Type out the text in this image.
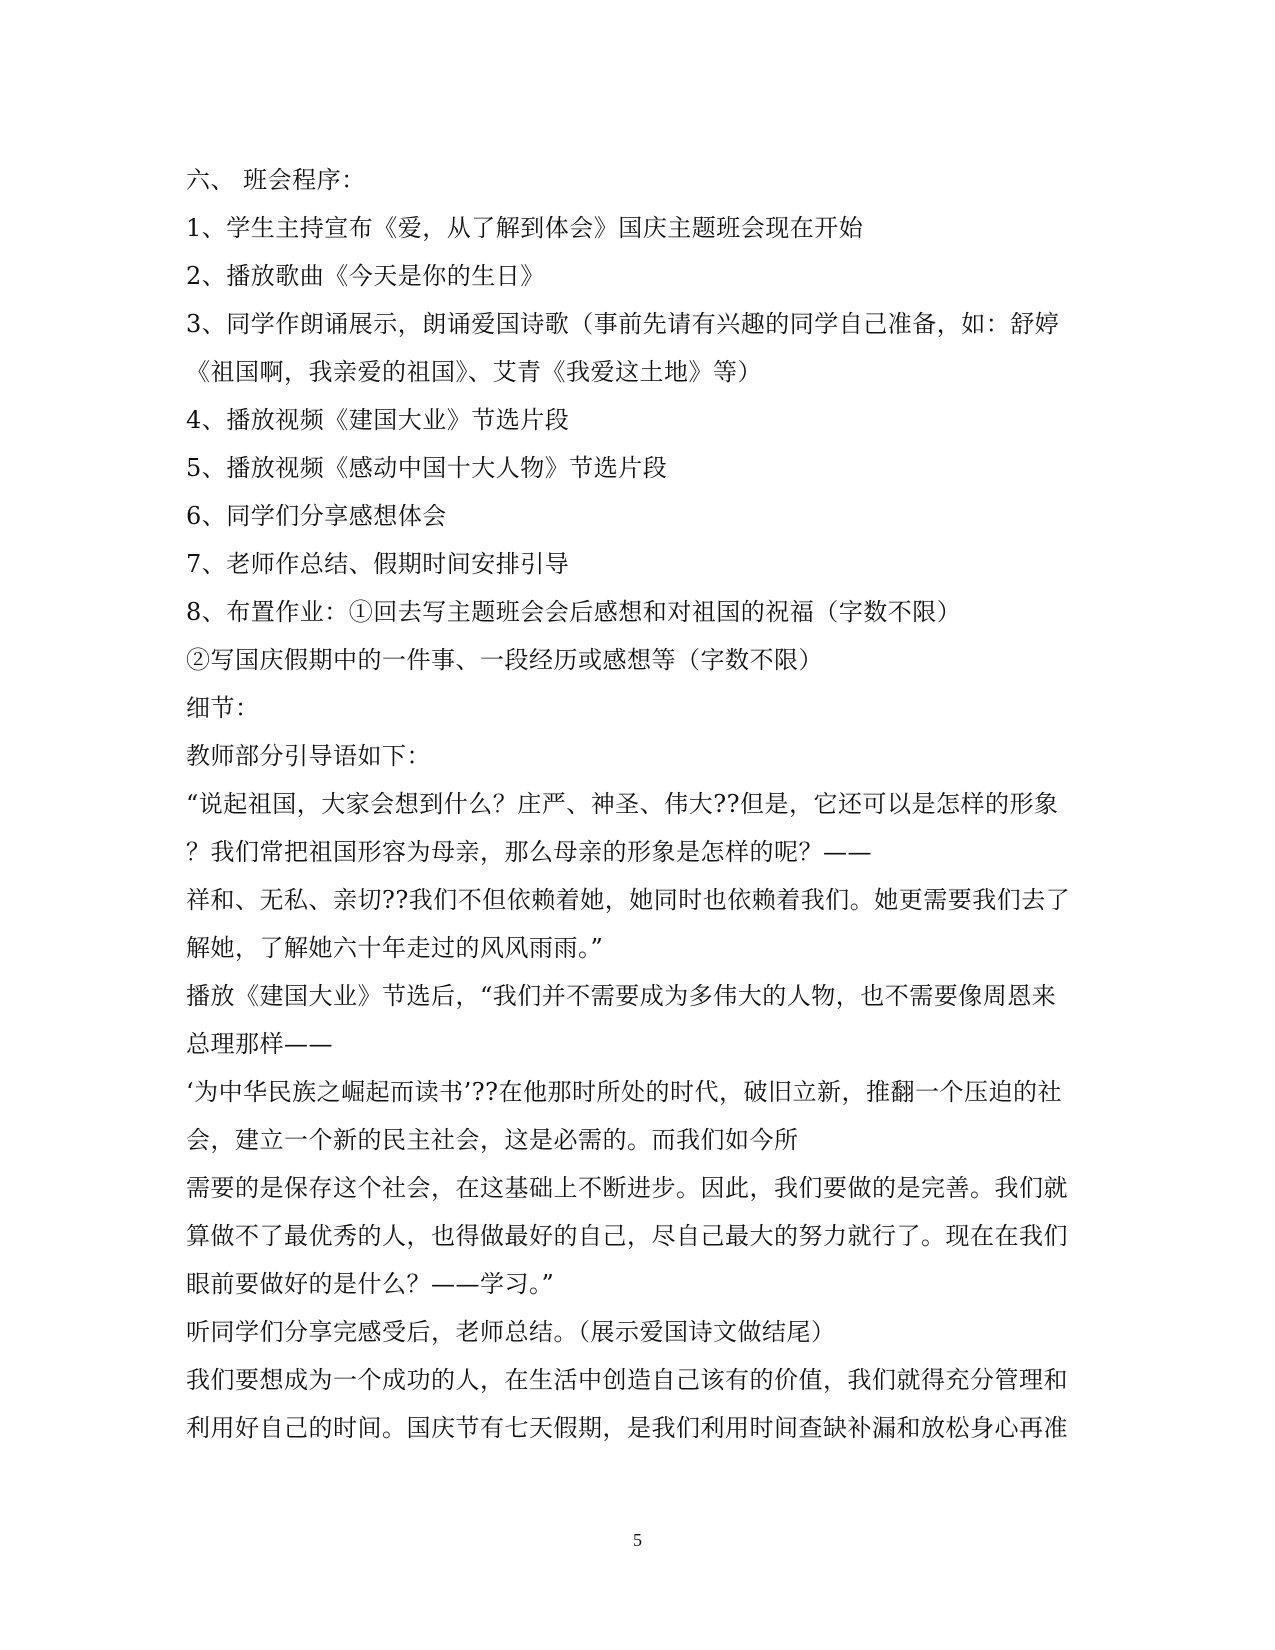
六、 班会程序：
1、学生主持宣布《爱，从了解到体会》国庆主题班会现在开始
2、播放歌曲《今天是你的生日》
3、同学作朗诵展示，朗诵爱国诗歌（事前先请有兴趣的同学自己准备，如：舒婷
《祖国啊，我亲爱的祖国》、艾青《我爱这土地》等）
4、播放视频《建国大业》节选片段
5、播放视频《感动中国十大人物》节选片段
6、同学们分享感想体会
7、老师作总结、假期时间安排引导
8、布置作业：①回去写主题班会会后感想和对祖国的祝福（字数不限）
②写国庆假期中的一件事、一段经历或感想等（字数不限）
细节：
教师部分引导语如下：
“说起祖国，大家会想到什么？庄严、神圣、伟大??但是，它还可以是怎样的形象
？我们常把祖国形容为母亲，那么母亲的形象是怎样的呢？——
祥和、无私、亲切??我们不但依赖着她，她同时也依赖着我们。她更需要我们去了
解她，了解她六十年走过的风风雨雨。”
播放《建国大业》节选后，“我们并不需要成为多伟大的人物，也不需要像周恩来
总理那样——
‘为中华民族之崛起而读书’??在他那时所处的时代，破旧立新，推翻一个压迫的社
会，建立一个新的民主社会，这是必需的。而我们如今所
需要的是保存这个社会，在这基础上不断进步。因此，我们要做的是完善。我们就
算做不了最优秀的人，也得做最好的自己，尽自己最大的努力就行了。现在在我们
眼前要做好的是什么？——学习。”
听同学们分享完感受后，老师总结。（展示爱国诗文做结尾）
我们要想成为一个成功的人，在生活中创造自己该有的价值，我们就得充分管理和
利用好自己的时间。国庆节有七天假期，是我们利用时间查缺补漏和放松身心再准
5
